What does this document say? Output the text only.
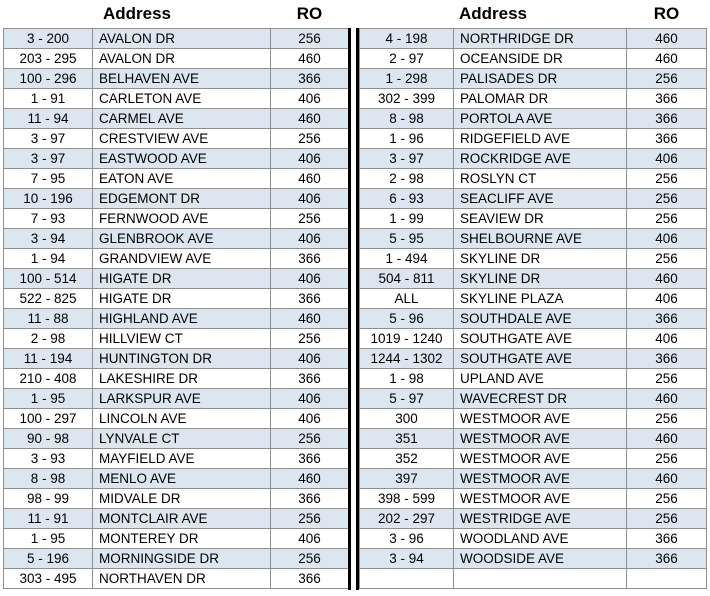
Address		RO
3 - 200	AVALON DR	256
203 - 295	AVALON DR	460
100 - 296	BELHAVEN AVE	366
1 - 91	CARLETON AVE	406
11 - 94	CARMEL AVE	460
3 - 97	CRESTVIEW AVE	256
3 - 97	EASTWOOD AVE	406
7 - 95	EATON AVE	460
10 - 196	EDGEMONT DR	406
7 - 93	FERNWOOD AVE	256
3 - 94	GLENBROOK AVE	406
1 - 94	GRANDVIEW AVE	366
100 - 514	HIGATE DR	406
522 - 825	HIGATE DR	366
11 - 88	HIGHLAND AVE	460
2 - 98	HILLVIEW CT	256
11 - 194	HUNTINGTON DR	406
210 - 408	LAKESHIRE DR	366
1 - 95	LARKSPUR AVE	406
100 - 297	LINCOLN AVE	406
90 - 98	LYNVALE CT	256
3 - 93	MAYFIELD AVE	366
8 - 98	MENLO AVE	460
98 - 99	MIDVALE DR	366
11 - 91	MONTCLAIR AVE	256
1 - 95	MONTEREY DR	406
5 - 196	MORNINGSIDE DR	256
303 - 495	NORTHAVEN DR	366
Address		RO
4 - 198	NORTHRIDGE DR	460
2 - 97	OCEANSIDE DR	460
1 - 298	PALISADES DR	256
302 - 399	PALOMAR DR	366
8 - 98	PORTOLA AVE	366
1 - 96	RIDGEFIELD AVE	366
3 - 97	ROCKRIDGE AVE	406
2 - 98	ROSLYN CT	256
6 - 93	SEACLIFF AVE	256
1 - 99	SEAVIEW DR	256
5 - 95	SHELBOURNE AVE	406
1 - 494	SKYLINE DR	256
504 - 811	SKYLINE DR	460
ALL	SKYLINE PLAZA	406
5 - 96	SOUTHDALE AVE	366
1019 - 1240	SOUTHGATE AVE	406
1244 - 1302	SOUTHGATE AVE	366
1 - 98	UPLAND AVE	256
5 - 97	WAVECREST DR	460
300	WESTMOOR AVE	256
351	WESTMOOR AVE	460
352	WESTMOOR AVE	256
397	WESTMOOR AVE	460
398 - 599	WESTMOOR AVE	256
202 - 297	WESTRIDGE AVE	256
3 - 96	WOODLAND AVE	366
3 - 94	WOODSIDE AVE	366
